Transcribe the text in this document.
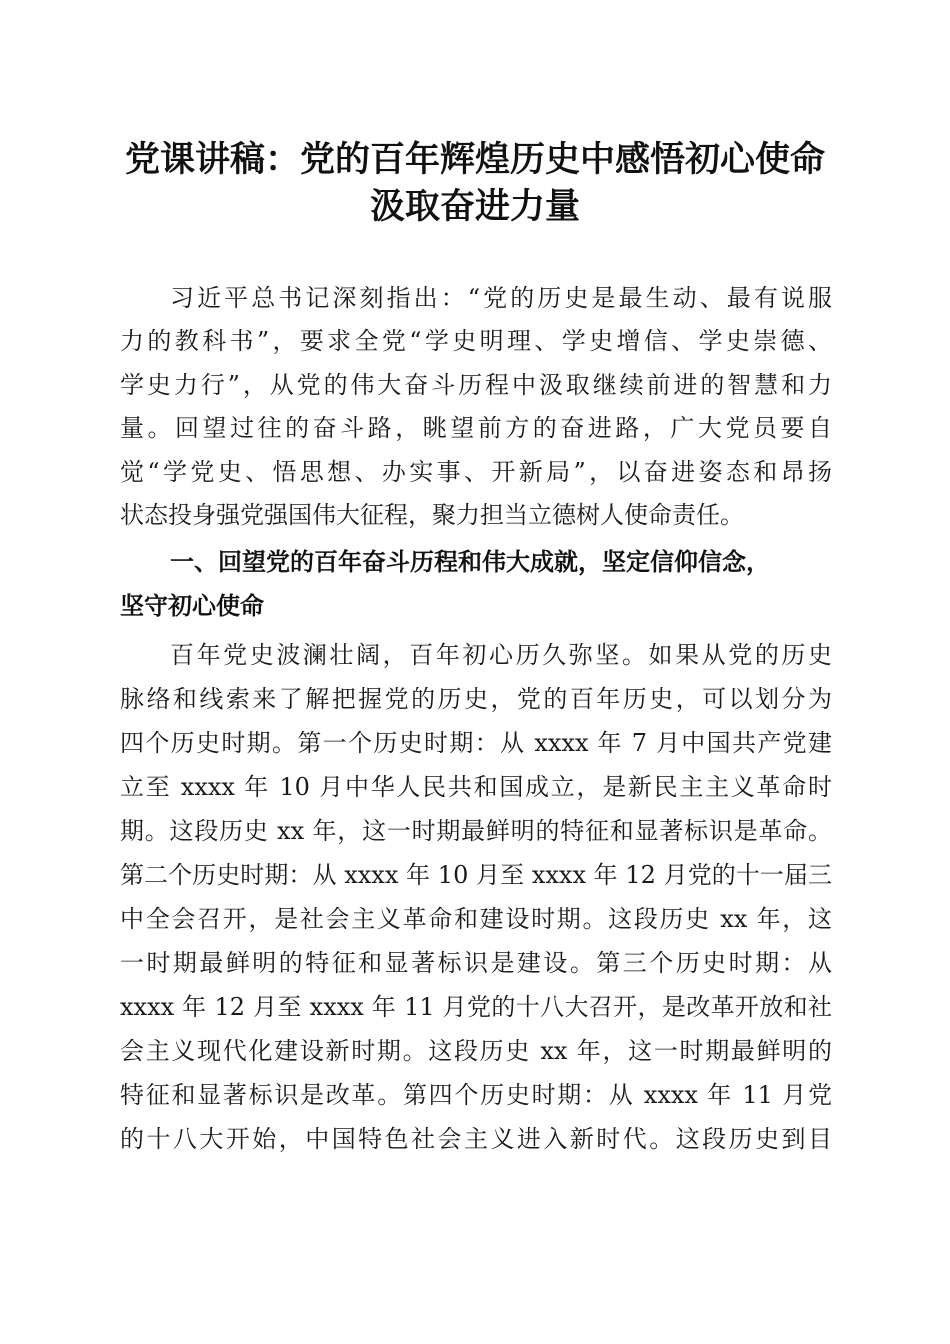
党课讲稿：党的百年辉煌历史中感悟初心使命
汲取奋进力量
习近平总书记深刻指出：“党的历史是最生动、最有说服
力的教科书”，要求全党“学史明理、学史增信、学史崇德、
学史力行”，从党的伟大奋斗历程中汲取继续前进的智慧和力
量。回望过往的奋斗路，眺望前方的奋进路，广大党员要自
觉“学党史、悟思想、办实事、开新局”，以奋进姿态和昂扬
状态投身强党强国伟大征程，聚力担当立德树人使命责任。
一、回望党的百年奋斗历程和伟大成就，坚定信仰信念，
坚守初心使命
百年党史波澜壮阔，百年初心历久弥坚。如果从党的历史
脉络和线索来了解把握党的历史，党的百年历史，可以划分为
四个历史时期。第一个历史时期：从 xxxx 年 7 月中国共产党建
立至 xxxx 年 10 月中华人民共和国成立，是新民主主义革命时
期。这段历史 xx 年，这一时期最鲜明的特征和显著标识是革命。
第二个历史时期：从 xxxx 年 10 月至 xxxx 年 12 月党的十一届三
中全会召开，是社会主义革命和建设时期。这段历史 xx 年，这
一时期最鲜明的特征和显著标识是建设。第三个历史时期：从
xxxx 年 12 月至 xxxx 年 11 月党的十八大召开，是改革开放和社
会主义现代化建设新时期。这段历史 xx 年，这一时期最鲜明的
特征和显著标识是改革。第四个历史时期：从 xxxx 年 11 月党
的十八大开始，中国特色社会主义进入新时代。这段历史到目
